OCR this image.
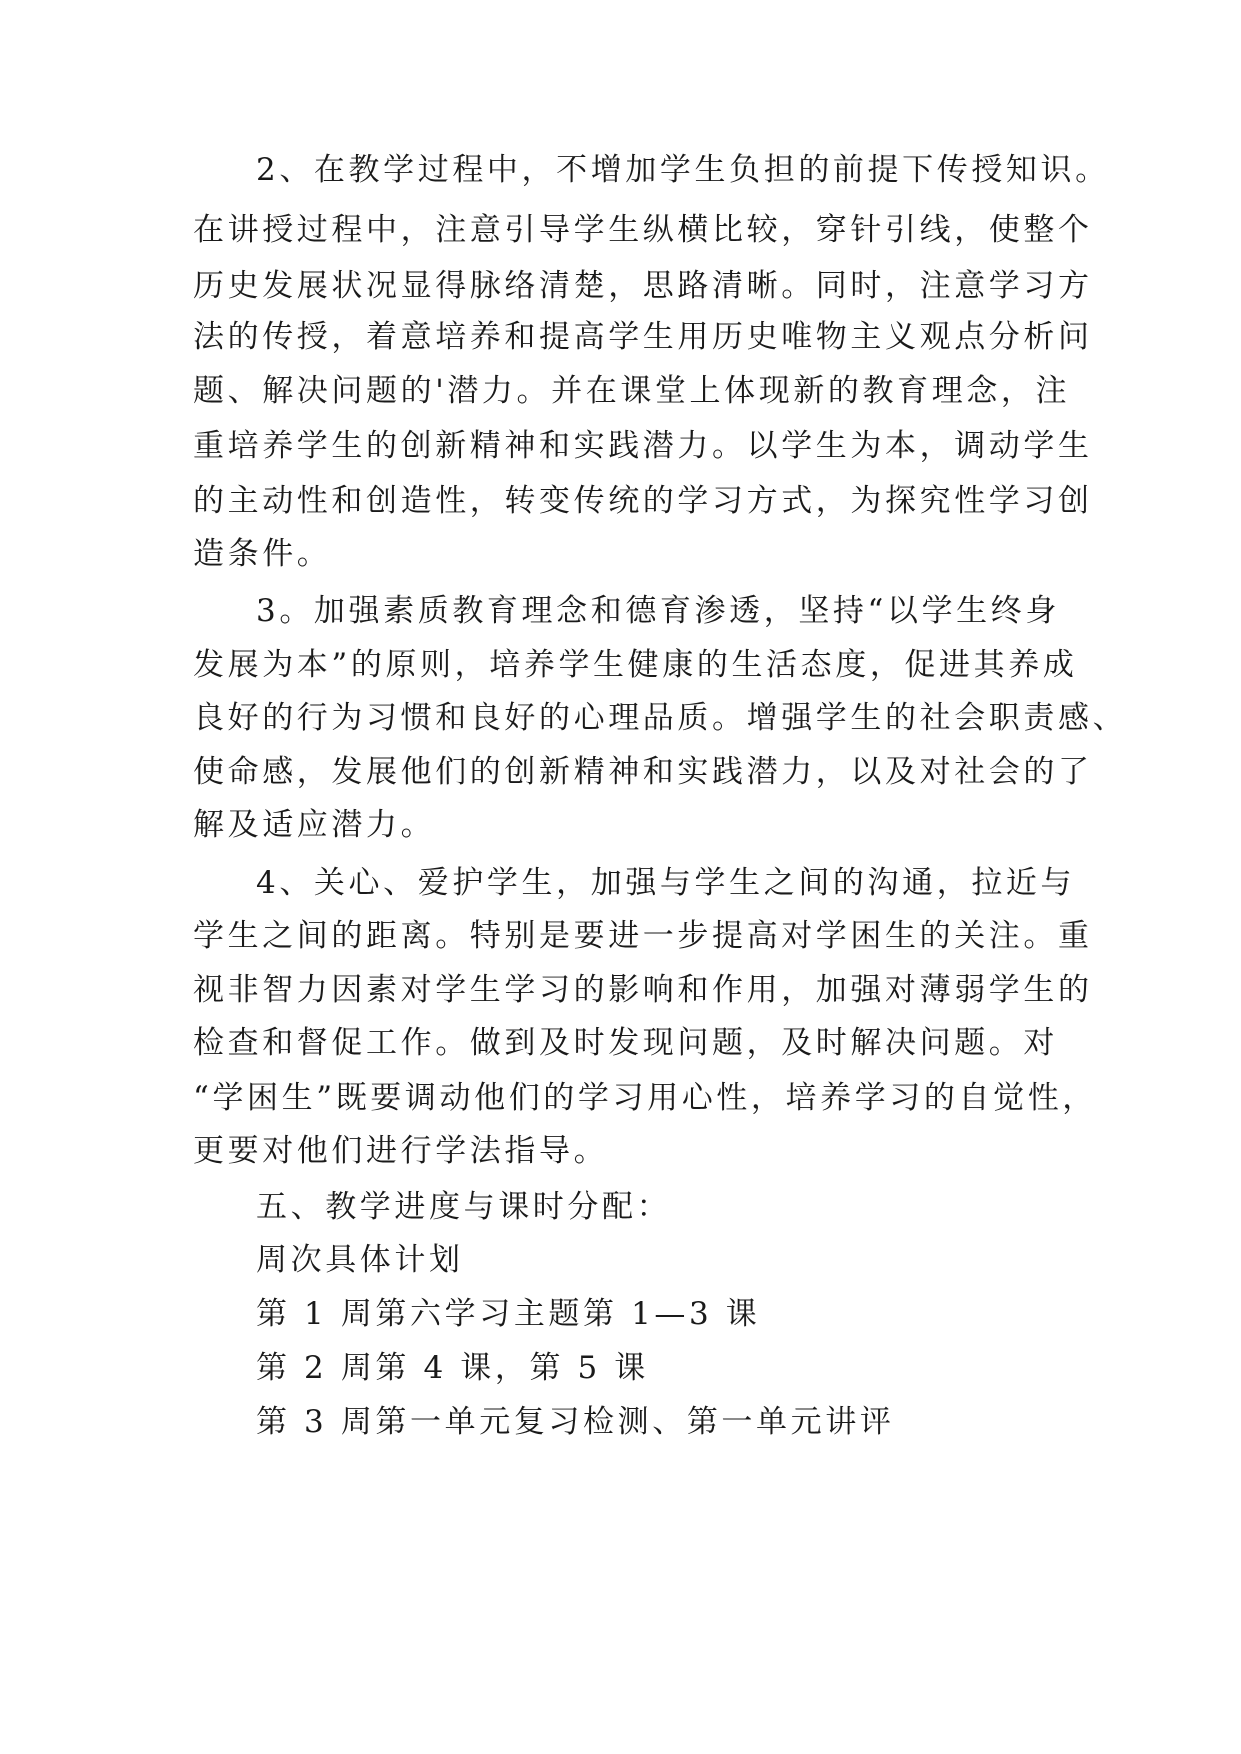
2、在教学过程中，不增加学生负担的前提下传授知识。
在讲授过程中，注意引导学生纵横比较，穿针引线，使整个
历史发展状况显得脉络清楚，思路清晰。同时，注意学习方
法的传授，着意培养和提高学生用历史唯物主义观点分析问
题、解决问题的'潜力。并在课堂上体现新的教育理念，注
重培养学生的创新精神和实践潜力。以学生为本，调动学生
的主动性和创造性，转变传统的学习方式，为探究性学习创
造条件。
3。加强素质教育理念和德育渗透，坚持“以学生终身
发展为本”的原则，培养学生健康的生活态度，促进其养成
良好的行为习惯和良好的心理品质。增强学生的社会职责感、
使命感，发展他们的创新精神和实践潜力，以及对社会的了
解及适应潜力。
4、关心、爱护学生，加强与学生之间的沟通，拉近与
学生之间的距离。特别是要进一步提高对学困生的关注。重
视非智力因素对学生学习的影响和作用，加强对薄弱学生的
检查和督促工作。做到及时发现问题，及时解决问题。对
“学困生”既要调动他们的学习用心性，培养学习的自觉性，
更要对他们进行学法指导。
五、教学进度与课时分配：
周次具体计划
第 1 周第六学习主题第 1—3 课
第 2 周第 4 课，第 5 课
第 3 周第一单元复习检测、第一单元讲评
